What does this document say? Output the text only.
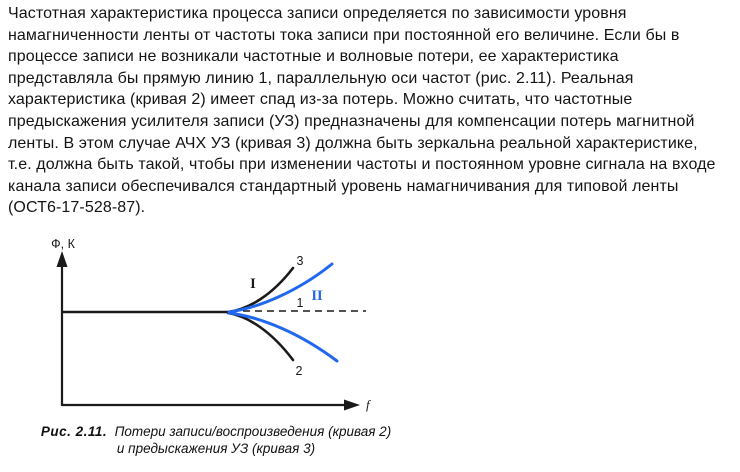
Частотная характеристика процесса записи определяется по зависимости уровня
намагниченности ленты от частоты тока записи при постоянной его величине. Если бы в
процессе записи не возникали частотные и волновые потери, ее характеристика
представляла бы прямую линию 1, параллельную оси частот (рис. 2.11). Реальная
характеристика (кривая 2) имеет спад из-за потерь. Можно считать, что частотные
предыскажения усилителя записи (УЗ) предназначены для компенсации потерь магнитной
ленты. В этом случае АЧХ УЗ (кривая 3) должна быть зеркальна реальной характеристике,
т.е. должна быть такой, чтобы при изменении частоты и постоянном уровне сигнала на входе
канала записи обеспечивался стандартный уровень намагничивания для типовой ленты
(ОСТ6-17-528-87).
Ф, К
f
1
3
2
I
II
Рис. 2.11. Потери записи/воспроизведения (кривая 2)
и предыскажения УЗ (кривая 3)
